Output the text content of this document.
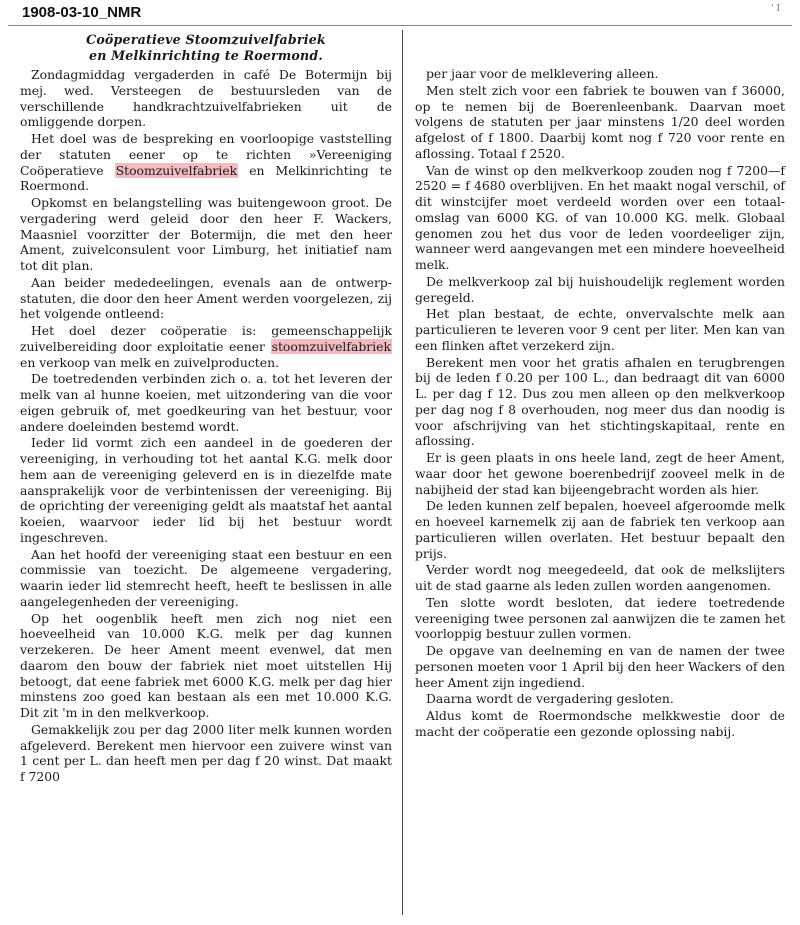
1908-03-10_NMR	' I
Coöperatieve Stoomzuivelfabriek
en Melkinrichting te Roermond.

Zondagmiddag vergaderden in café De Botermijn bij mej. wed. Versteegen de bestuursleden van de verschillende handkrachtzuivelfabrieken uit de omliggende dorpen.

Het doel was de bespreking en voorloopige vaststelling der statuten eener op te richten »Vereeniging Coöperatieve Stoomzuivelfabriek en Melkinrichting te Roermond.

Opkomst en belangstelling was buitengewoon groot. De vergadering werd geleid door den heer F. Wackers, Maasniel voorzitter der Botermijn, die met den heer Ament, zuivelconsulent voor Limburg, het initiatief nam tot dit plan.

Aan beider mededeelingen, evenals aan de ontwerp-statuten, die door den heer Ament werden voorgelezen, zij het volgende ontleend:

Het doel dezer coöperatie is: gemeenschappelijk zuivelbereiding door exploitatie eener stoomzuivelfabriek en verkoop van melk en zuivelproducten.

De toetredenden verbinden zich o. a. tot het leveren der melk van al hunne koeien, met uitzondering van die voor eigen gebruik of, met goedkeuring van het bestuur, voor andere doeleinden bestemd wordt.

Ieder lid vormt zich een aandeel in de goederen der vereeniging, in verhouding tot het aantal K.G. melk door hem aan de vereeniging geleverd en is in diezelfde mate aansprakelijk voor de verbintenissen der vereeniging. Bij de oprichting der vereeniging geldt als maatstaf het aantal koeien, waarvoor ieder lid bij het bestuur wordt ingeschreven.

Aan het hoofd der vereeniging staat een bestuur en een commissie van toezicht. De algemeene vergadering, waarin ieder lid stemrecht heeft, heeft te beslissen in alle aangelegenheden der vereeniging.

Op het oogenblik heeft men zich nog niet een hoeveelheid van 10.000 K.G. melk per dag kunnen verzekeren. De heer Ament meent evenwel, dat men daarom den bouw der fabriek niet moet uitstellen Hij betoogt, dat eene fabriek met 6000 K.G. melk per dag hier minstens zoo goed kan bestaan als een met 10.000 K.G. Dit zit 'm in den melkverkoop.

Gemakkelijk zou per dag 2000 liter melk kunnen worden afgeleverd. Berekent men hiervoor een zuivere winst van 1 cent per L. dan heeft men per dag f 20 winst. Dat maakt f 7200

per jaar voor de melklevering alleen.

Men stelt zich voor een fabriek te bouwen van f 36000, op te nemen bij de Boerenleenbank. Daarvan moet volgens de statuten per jaar minstens 1/20 deel worden afgelost of f 1800. Daarbij komt nog f 720 voor rente en aflossing. Totaal f 2520.

Van de winst op den melkverkoop zouden nog f 7200—f 2520 = f 4680 overblijven. En het maakt nogal verschil, of dit winstcijfer moet verdeeld worden over een totaal-omslag van 6000 KG. of van 10.000 KG. melk. Globaal genomen zou het dus voor de leden voordeeliger zijn, wanneer werd aangevangen met een mindere hoeveelheid melk.

De melkverkoop zal bij huishoudelijk reglement worden geregeld.

Het plan bestaat, de echte, onvervalschte melk aan particulieren te leveren voor 9 cent per liter. Men kan van een flinken aftet verzekerd zijn.

Berekent men voor het gratis afhalen en terugbrengen bij de leden f 0.20 per 100 L., dan bedraagt dit van 6000 L. per dag f 12. Dus zou men alleen op den melkverkoop per dag nog f 8 overhouden, nog meer dus dan noodig is voor afschrijving van het stichtingskapitaal, rente en aflossing.

Er is geen plaats in ons heele land, zegt de heer Ament, waar door het gewone boerenbedrijf zooveel melk in de nabijheid der stad kan bijeengebracht worden als hier.

De leden kunnen zelf bepalen, hoeveel afgeroomde melk en hoeveel karnemelk zij aan de fabriek ten verkoop aan particulieren willen overlaten. Het bestuur bepaalt den prijs.

Verder wordt nog meegedeeld, dat ook de melkslijters uit de stad gaarne als leden zullen worden aangenomen.

Ten slotte wordt besloten, dat iedere toetredende vereeniging twee personen zal aanwijzen die te zamen het voorloppig bestuur zullen vormen.

De opgave van deelneming en van de namen der twee personen moeten voor 1 April bij den heer Wackers of den heer Ament zijn ingediend.

Daarna wordt de vergadering gesloten.

Aldus komt de Roermondsche melkkwestie door de macht der coöperatie een gezonde oplossing nabij.
